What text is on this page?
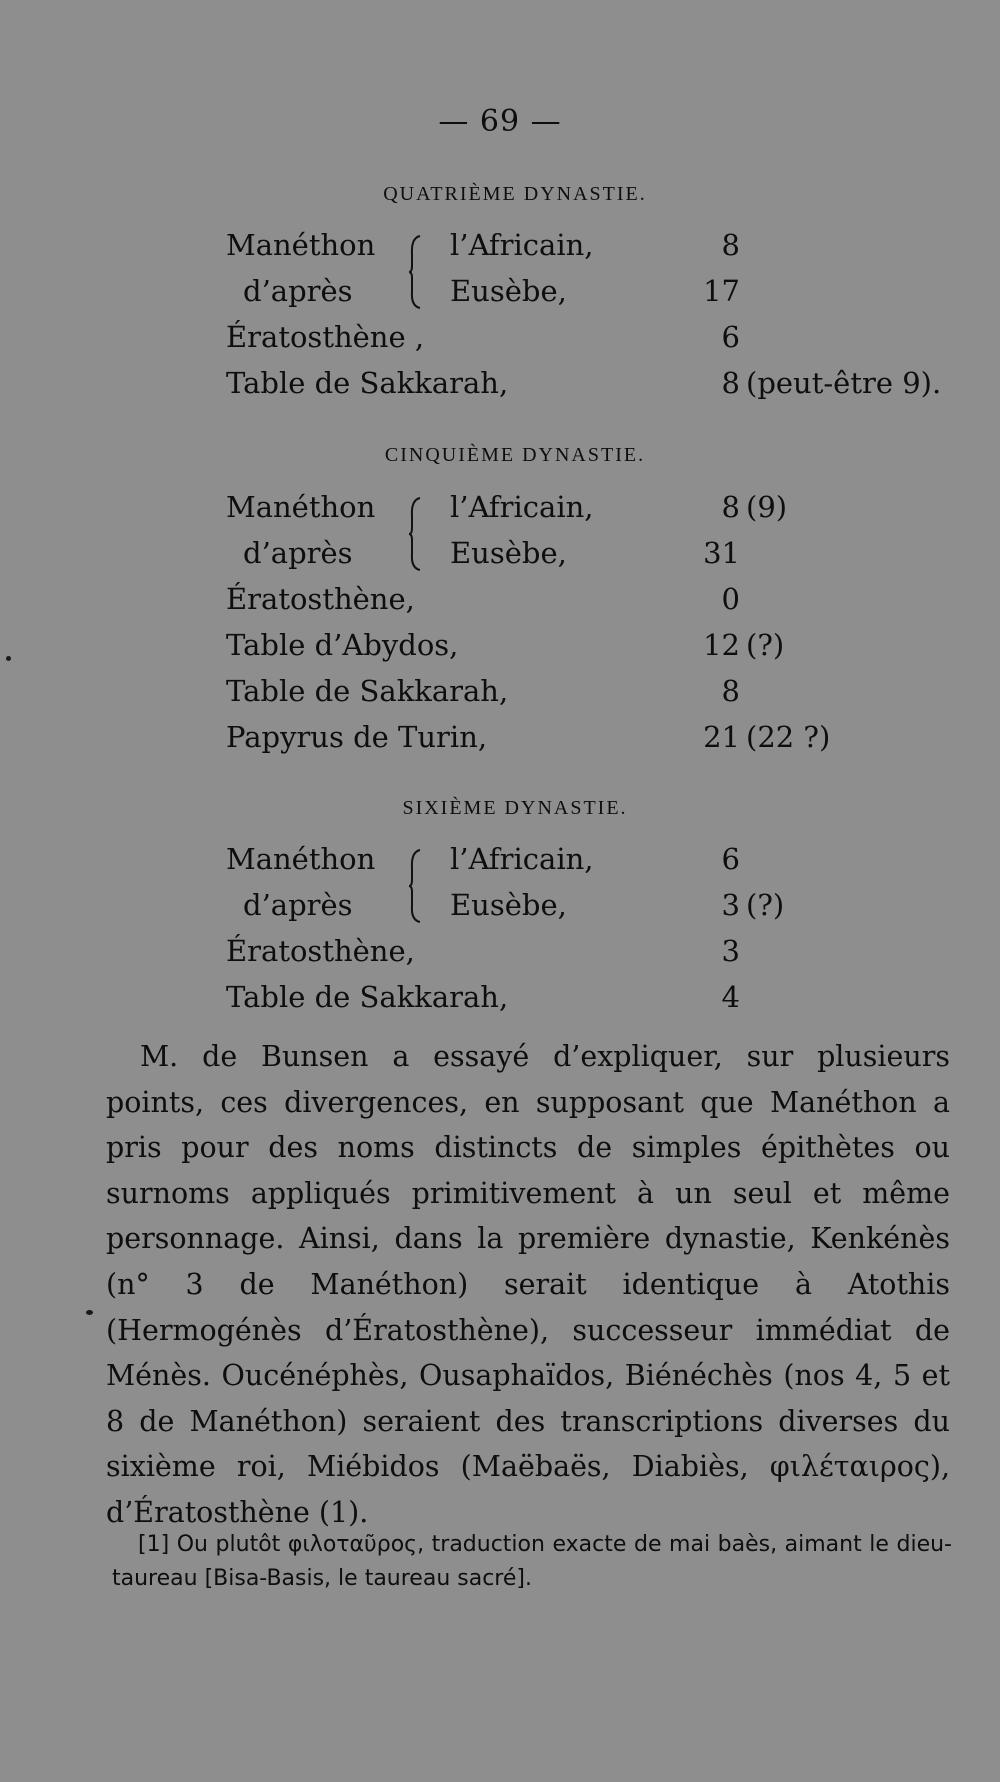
— 69 —
QUATRIÈME DYNASTIE.
Manéthon	l’Africain,	8
d’après	Eusèbe,	17
Ératosthène ,	6
Table de Sakkarah,	8 (peut-être 9).
CINQUIÈME DYNASTIE.
Manéthon	l’Africain,	8 (9)
d’après	Eusèbe,	31
Ératosthène,	0
Table d’Abydos,	12 (?)
Table de Sakkarah,	8
Papyrus de Turin,	21 (22 ?)
SIXIÈME DYNASTIE.
Manéthon	l’Africain,	6
d’après	Eusèbe,	3 (?)
Ératosthène,	3
Table de Sakkarah,	4

M. de Bunsen a essayé d’expliquer, sur plusieurs points, ces divergences, en supposant que Manéthon a pris pour des noms distincts de simples épithètes ou surnoms appliqués primitivement à un seul et même personnage. Ainsi, dans la première dynastie, Kenkénès (n° 3 de Manéthon) serait identique à Atothis (Hermogénès d’Ératosthène), successeur immédiat de Ménès. Oucénéphès, Ousaphaïdos, Biénéchès (nos 4, 5 et 8 de Manéthon) seraient des transcriptions diverses du sixième roi, Miébidos (Maëbaës, Diabiès, φιλέταιρος), d’Ératosthène (1).

[1] Ou plutôt φιλοταῦρος, traduction exacte de mai baès, aimant le dieu-taureau [Bisa-Basis, le taureau sacré].
